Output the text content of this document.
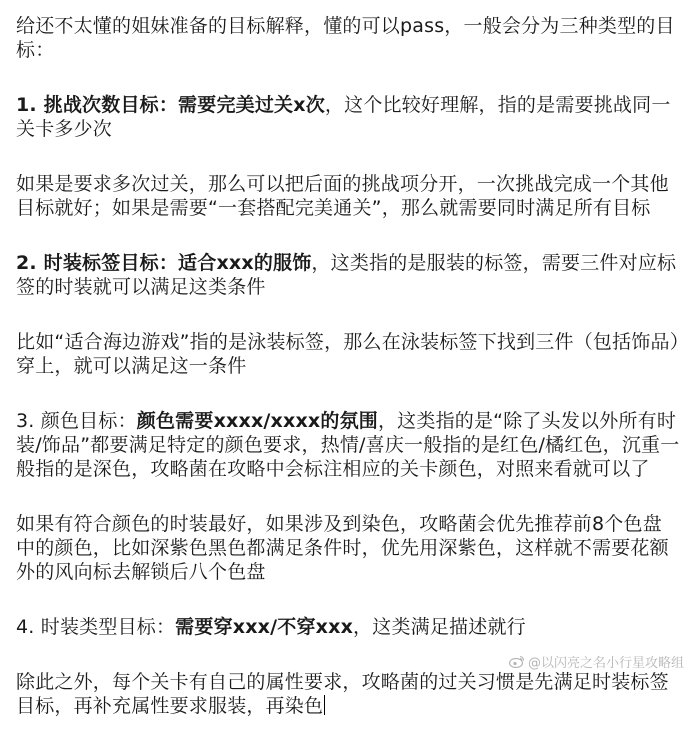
给还不太懂的姐妹准备的目标解释，懂的可以pass，一般会分为三种类型的目标：

1. 挑战次数目标：需要完美过关x次，这个比较好理解，指的是需要挑战同一关卡多少次

如果是要求多次过关，那么可以把后面的挑战项分开，一次挑战完成一个其他目标就好；如果是需要“一套搭配完美通关”，那么就需要同时满足所有目标

2. 时装标签目标：适合xxx的服饰，这类指的是服装的标签，需要三件对应标签的时装就可以满足这类条件

比如“适合海边游戏”指的是泳装标签，那么在泳装标签下找到三件（包括饰品）穿上，就可以满足这一条件

3. 颜色目标：颜色需要xxxx/xxxx的氛围，这类指的是“除了头发以外所有时装/饰品”都要满足特定的颜色要求，热情/喜庆一般指的是红色/橘红色，沉重一般指的是深色，攻略菌在攻略中会标注相应的关卡颜色，对照来看就可以了

如果有符合颜色的时装最好，如果涉及到染色，攻略菌会优先推荐前8个色盘中的颜色，比如深紫色黑色都满足条件时，优先用深紫色，这样就不需要花额外的风向标去解锁后八个色盘

4. 时装类型目标：需要穿xxx/不穿xxx，这类满足描述就行

除此之外，每个关卡有自己的属性要求，攻略菌的过关习惯是先满足时装标签目标，再补充属性要求服装，再染色

@以闪亮之名小行星攻略组
